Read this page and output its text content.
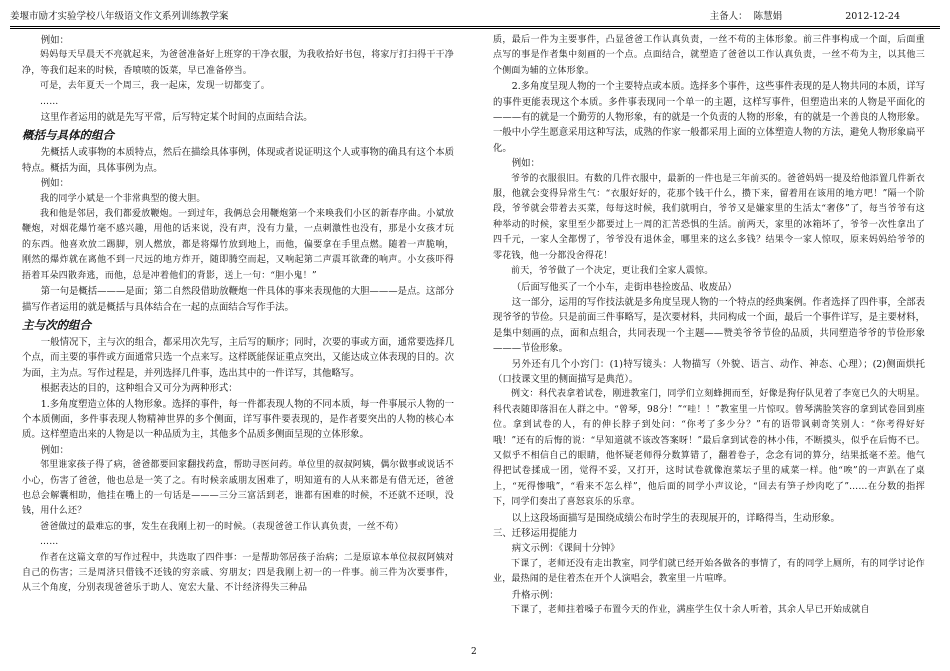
姜堰市励才实验学校八年级语文作文系列训练教学案	主备人： 陈慧娟	2012-12-24

例如：

妈妈每天早晨天不亮就起来，为爸爸准备好上班穿的干净衣服，为我收拾好书包，将家厅打扫得干干净净，等我们起来的时候，香喷喷的饭菜，早已准备停当。

可是，去年夏天一个周三，我一起床，发现一切都变了。

……

这里作者运用的就是先写平常，后写特定某个时间的点面结合法。

概括与具体的组合

先概括人或事物的本质特点，然后在描绘具体事例，体现或者说证明这个人或事物的确具有这个本质特点。概括为面，具体事例为点。

例如：

我的同学小斌是一个非常典型的傻大胆。

我和他是邻居，我们都爱放鞭炮。一到过年，我俩总会用鞭炮第一个来唤我们小区的新春序曲。小斌放鞭炮，对烟花爆竹毫不感兴趣，用他的话来说，没有声，没有力量，一点刺激性也没有，那是小女孩才玩的东西。他喜欢放二踢脚，别人燃放，都是将爆竹放到地上，而他，偏要拿在手里点燃。随着一声脆响，刚然的爆炸就在离他不到一尺远的地方炸开，随即腾空而起，又响起第二声震耳欲聋的响声。小女孩吓得捂着耳朵四散奔逃，而他，总是冲着他们的背影，送上一句：“胆小鬼！”

第一句是概括———是面；第二自然段借助放鞭炮一件具体的事来表现他的大胆———是点。这部分描写作者运用的就是概括与具体结合在一起的点面结合写作手法。

主与次的组合

一般情况下，主与次的组合，都采用次先写，主后写的顺序；同时，次要的事或方面，通常要选择几个点，而主要的事件或方面通常只选一个点来写。这样既能保证重点突出，又能达成立体表现的目的。次为面，主为点。写作过程是，并列选择几件事，选出其中的一件详写，其他略写。

根据表达的目的，这种组合又可分为两种形式：

1.多角度塑造立体的人物形象。选择的事件，每一件都表现人物的不同本质，每一件事展示人物的一个本质侧面，多件事表现人物精神世界的多个侧面，详写事件要表现的，是作者要突出的人物的核心本质。这样塑造出来的人物是以一种品质为主，其他多个品质多侧面呈现的立体形象。

例如：

邻里谁家孩子得了病，爸爸都要回家翻找药盒，帮助寻医问药。单位里的叔叔阿姨，偶尔做事或说话不小心，伤害了爸爸，他也总是一笑了之。有时候亲戚朋友困难了，明知道有的人从来都是有借无还，爸爸也总会解囊相助，他挂在嘴上的一句话是———三分三富活到老，谁都有困难的时候，不还就不还呗，没钱，用什么还？

爸爸做过的最难忘的事，发生在我刚上初一的时候。（表现爸爸工作认真负责，一丝不苟）

……

作者在这篇文章的写作过程中，共选取了四件事：一是帮助邻居孩子治病；二是原谅本单位叔叔阿姨对自己的伤害；三是周济只借钱不还钱的穷亲戚、穷朋友；四是我刚上初一的一件事。前三件为次要事件，从三个角度，分别表现爸爸乐于助人、宽宏大量、不计经济得失三种品

质，最后一件为主要事件，凸显爸爸工作认真负责，一丝不苟的主体形象。前三件事构成一个面，后面重点写的事是作者集中刻画的一个点。点面结合，就塑造了爸爸以工作认真负责，一丝不苟为主，以其他三个侧面为辅的立体形象。

2.多角度呈现人物的一个主要特点或本质。选择多个事件，这些事件表现的是人物共同的本质，详写的事件更能表现这个本质。多件事表现同一个单一的主题，这样写事件，但塑造出来的人物是平面化的———有的就是一个勤劳的人物形象，有的就是一个负责的人物的形象，有的就是一个善良的人物形象。一般中小学生愿意采用这种写法，成熟的作家一般都采用上面的立体塑造人物的方法，避免人物形象扁平化。

例如：

爷爷的衣服很旧。有数的几件衣服中，最新的一件也是三年前买的。爸爸妈妈一提及给他添置几件新衣服，他就会变得异常生气：“衣服好好的，花那个钱干什么，攒下来，留着用在该用的地方吧！”隔一个阶段，爷爷就会带着去买菜，每每这时候，我们就明白，爷爷又是嫌家里的生活太“奢侈”了，每当爷爷有这种举动的时候，家里至少都要过上一周的汇苦恐惧的生活。前两天，家里的冰箱坏了，爷爷一次性拿出了四千元，一家人全都愣了，爷爷没有退休金，哪里来的这么多钱？结果令一家人惊叹，原来妈妈给爷爷的零花钱，他一分都没舍得花！

前天，爷爷做了一个决定，更让我们全家人震惊。

（后面写他买了一个小车，走街串巷捡废品、收废品）

这一部分，运用的写作技法就是多角度呈现人物的一个特点的经典案例。作者选择了四件事，全部表现爷爷的节俭。只是前面三件事略写，是次要材料，共同构成一个面，最后一个事件详写，是主要材料，是集中刻画的点，面和点组合，共同表现一个主题——赞美爷爷节俭的品质，共同塑造爷爷的节俭形象———节俭形象。

另外还有几个小窍门：(1)特写镜头：人物描写（外貌、语言、动作、神态、心理）；(2)侧面烘托（口技课文里的侧面描写是典范）。

例文：科代表拿着试卷，刚进教室门，同学们立刻蜂拥而至，好像是狗仔队见着了李宽已久的大明星。科代表随即落泪在人群之中。“曾琴，98分！”“哇！！”教室里一片惊叹。曾琴满脸笑容的拿到试卷回到座位。拿到试卷的人，有的伸长脖子到处问：“你考了多少分？”有的语带讽刺奇笑别人：“你考得好好哦！”还有的后悔的说：“早知道就不该改答案呀！”最后拿到试卷的林小伟，不断摸头，似乎在后悔不已。又似乎不相信自己的眼睛，他怀疑老师得分数算错了，翻着卷子，念念有词的算分，结果抵毫不差。他气得把试卷揉成一团，觉得不妥，又打开，这时试卷就像泡菜坛子里的咸菜一样。他“唉”的一声趴在了桌上，“死得惨哦”，“看来不怎么样”，他后面的同学小声议论，“回去有笋子炒肉吃了”……在分数的指挥下，同学们奏出了喜怒哀乐的乐章。

以上这段场面描写是围绕成绩公布时学生的表现展开的，详略得当，生动形象。

三、迁移运用提能力

病文示例：《课间十分钟》

下课了，老师还没有走出教室，同学们就已经开始各做各的事情了，有的同学上厕所，有的同学讨论作业，最热闹的是住着杰在开个人演唱会，教室里一片喧哗。

升格示例：

下课了，老师拄着嗓子布置今天的作业，满座学生仅十余人听着，其余人早已开始成就自

2
